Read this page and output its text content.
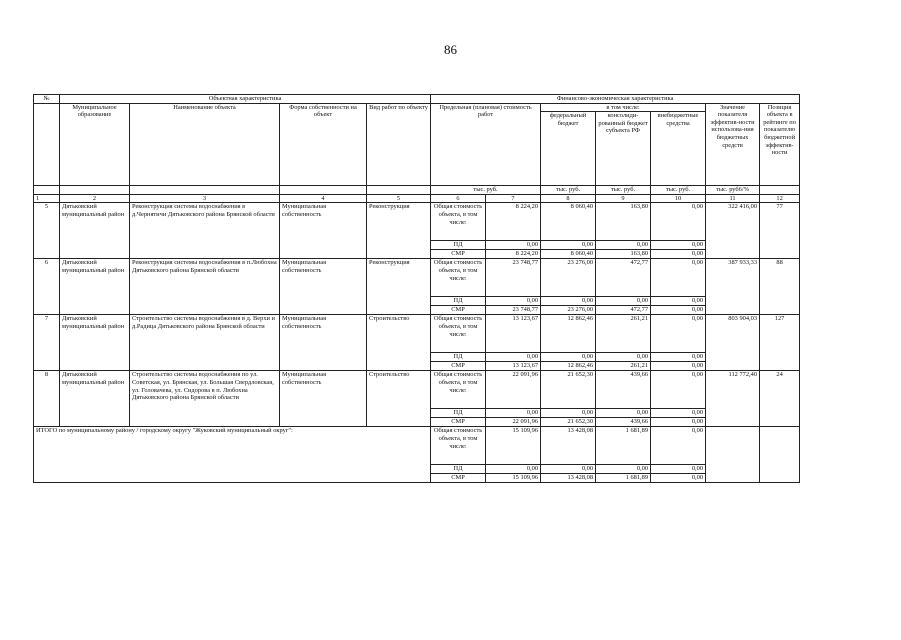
86
№	Объектная характеристика				Финансово-экономическая характеристика						
	Муниципальное образование	Наименование объекта	Форма собственности на объект	Вид работ по объекту	Предельная (плановая) стоимость работ		в том числе:			Значение показателя эффектив-ности использова-ния бюджетных средств	Позиция объекта в рейтинге по показателю бюджетной эффектив-ности
							федеральный бюджет	консолиди-рованный бюджет субъекта РФ	внебюджетные средства		
					тыс. руб.		тыс. руб.	тыс. руб.	тыс. руб.	тыс. руб6/%	
1	2	3	4	5	6	7	8	9	10	11	12
5	Дятьковский муниципальный район	Реконструкция системы водоснабжения в д.Чернятичи Дятьковского района Брянской области	Муниципальная собственность	Реконструкция	Общая стоимость объекта, в том числе:	8 224,20	8 060,40	163,80	0,00	322 416,00	77
					ПД	0,00	0,00	0,00	0,00		
					СМР	8 224,20	8 060,40	163,80	0,00		
6	Дятьковский муниципальный район	Реконструкция системы водоснабжения в п.Любохна Дятьковского района Брянской области	Муниципальная собственность	Реконструкция	Общая стоимость объекта, в том числе:	23 748,77	23 276,00	472,77	0,00	387 933,33	88
					ПД	0,00	0,00	0,00	0,00		
					СМР	23 748,77	23 276,00	472,77	0,00		
7	Дятьковский муниципальный район	Строительство системы водоснабжения в д. Верхи и д.Радица Дятьковского района Брянской области	Муниципальная собственность	Строительство	Общая стоимость объекта, в том числе:	13 123,67	12 862,46	261,21	0,00	803 904,03	127
					ПД	0,00	0,00	0,00	0,00		
					СМР	13 123,67	12 862,46	261,21	0,00		
8	Дятьковский муниципальный район	Строительство системы водоснабжения по ул. Советская, ул. Брянская, ул. Большая Свердловская, ул. Головачева, ул. Сидорова в п. Любохна Дятьковского района Брянской области	Муниципальная собственность	Строительство	Общая стоимость объекта, в том числе:	22 091,96	21 652,30	439,66	0,00	112 772,40	24
					ПД	0,00	0,00	0,00	0,00		
					СМР	22 091,96	21 652,30	439,66	0,00		
ИТОГО по муниципальному району / городскому округу "Жуковский муниципальный округ":					Общая стоимость объекта, в том числе:	15 109,96	13 428,08	1 681,89	0,00		
					ПД	0,00	0,00	0,00	0,00		
					СМР	15 109,96	13 428,08	1 681,89	0,00		
